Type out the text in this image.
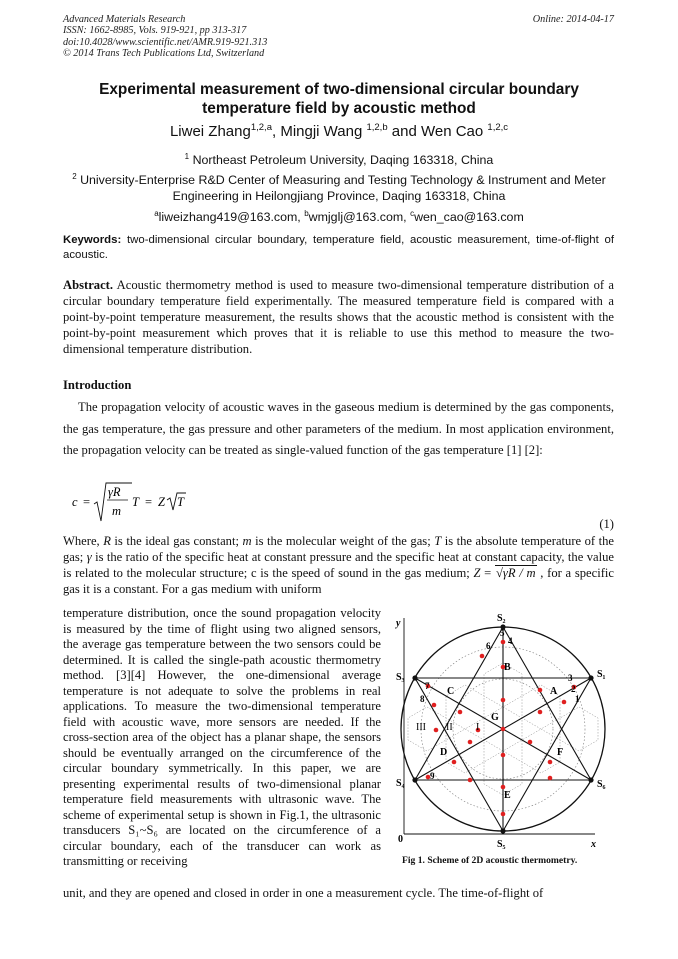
Advanced Materials Research
ISSN: 1662-8985, Vols. 919-921, pp 313-317
doi:10.4028/www.scientific.net/AMR.919-921.313
© 2014 Trans Tech Publications Ltd, Switzerland
Online: 2014-04-17
Experimental measurement of two-dimensional circular boundary
temperature field by acoustic method
Liwei Zhang$^{1,2,a}$, Mingji Wang $^{1,2,b}$ and Wen Cao $^{1,2,c}$
$^1$ Northeast Petroleum University, Daqing 163318, China
$^2$ University-Enterprise R&D Center of Measuring and Testing Technology & Instrument and Meter
Engineering in Heilongjiang Province, Daqing 163318, China
$^a$liweizhang419@163.com, $^b$wmjglj@163.com, $^c$wen_cao@163.com
Keywords: two-dimensional circular boundary, temperature field, acoustic measurement, time-of-flight of acoustic.
Abstract. Acoustic thermometry method is used to measure two-dimensional temperature distribution of a circular boundary temperature field experimentally. The measured temperature field is compared with a point-by-point temperature measurement, the results shows that the acoustic method is consistent with the point-by-point measurement which proves that it is reliable to use this method to measure the two-dimensional temperature distribution.
Introduction
The propagation velocity of acoustic waves in the gaseous medium is determined by the gas components, the gas temperature, the gas pressure and other parameters of the medium. In most application environment, the propagation velocity can be treated as single-valued function of the gas temperature [1] [2]:
c =
γR
m
T = Z T
(1)
Where, R is the ideal gas constant; m is the molecular weight of the gas; T is the absolute temperature of the gas; γ is the ratio of the specific heat at constant pressure and the specific heat at constant capacity, the value is related to the molecular structure; c is the speed of sound in the gas medium; Z = √γR / m , for a specific gas it is a constant. For a gas medium with uniform
temperature distribution, once the sound propagation velocity is measured by the time of flight using two aligned sensors, the average gas temperature between the two sensors could be determined. It is called the single-path acoustic thermometry method. [3][4] However, the one-dimensional average temperature is not adequate to solve the problems in real applications. To measure the two-dimensional temperature field with acoustic wave, more sensors are needed. If the cross-section area of the object has a planar shape, the sensors should be eventually arranged on the circumference of the circular boundary symmetrically. In this paper, we are presenting experimental results of two-dimensional planar temperature field measurements with ultrasonic wave. The scheme of experimental setup is shown in Fig.1, the ultrasonic transducers S₁~S₆ are located on the circumference of a circular boundary, each of the transducer can work as transmitting or receiving
y
x
0
S₁
S₂
S₃
S₄
S₅
S₆
A
B
C
D
E
F
G
I
II
III
1
2
3
4
5
6
7
8
9
Fig 1. Scheme of 2D acoustic thermometry.
unit, and they are opened and closed in order in one a measurement cycle. The time-of-flight of
